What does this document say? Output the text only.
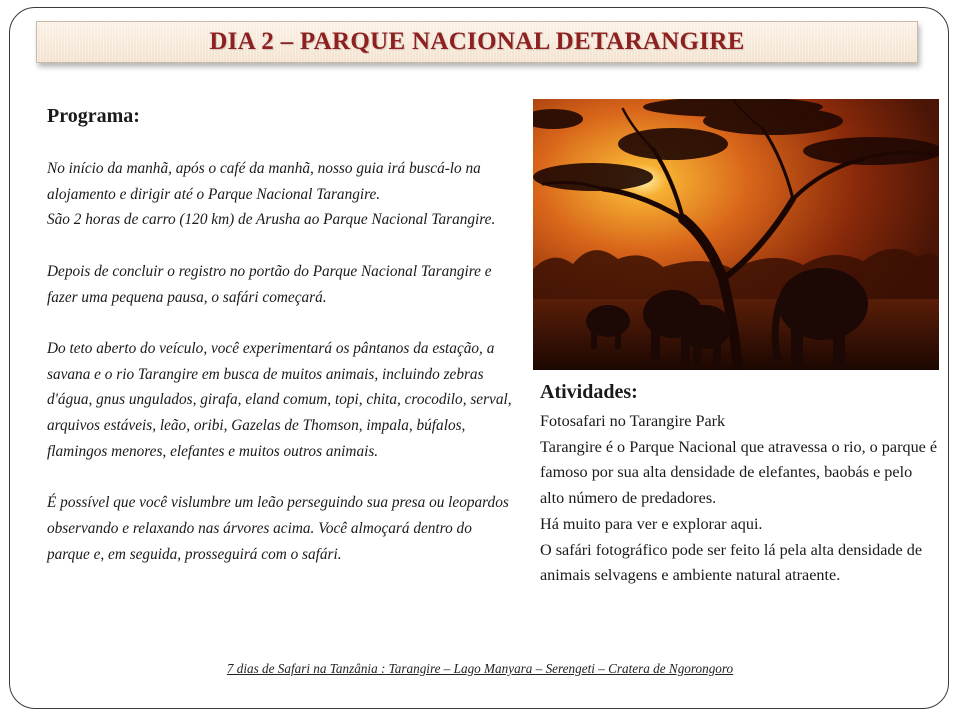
DIA 2 – PARQUE NACIONAL DETARANGIRE
Programa:

No início da manhã, após o café da manhã, nosso guia irá buscá-lo na alojamento e dirigir até o Parque Nacional Tarangire.

São 2 horas de carro (120 km) de Arusha ao Parque Nacional Tarangire.

Depois de concluir o registro no portão do Parque Nacional Tarangire e fazer uma pequena pausa, o safári começará.

Do teto aberto do veículo, você experimentará os pântanos da estação, a savana e o rio Tarangire em busca de muitos animais, incluindo zebras d'água, gnus ungulados, girafa, eland comum, topi, chita, crocodilo, serval, arquivos estáveis, leão, oribi, Gazelas de Thomson, impala, búfalos, flamingos menores, elefantes e muitos outros animais.

É possível que você vislumbre um leão perseguindo sua presa ou leopardos observando e relaxando nas árvores acima. Você almoçará dentro do parque e, em seguida, prosseguirá com o safári.

Atividades:

Fotosafari no Tarangire Park

Tarangire é o Parque Nacional que atravessa o rio, o parque é famoso por sua alta densidade de elefantes, baobás e pelo alto número de predadores.

Há muito para ver e explorar aqui.

O safári fotográfico pode ser feito lá pela alta densidade de animais selvagens e ambiente natural atraente.

7 dias de Safari na Tanzânia : Tarangire – Lago Manyara – Serengeti – Cratera de Ngorongoro
